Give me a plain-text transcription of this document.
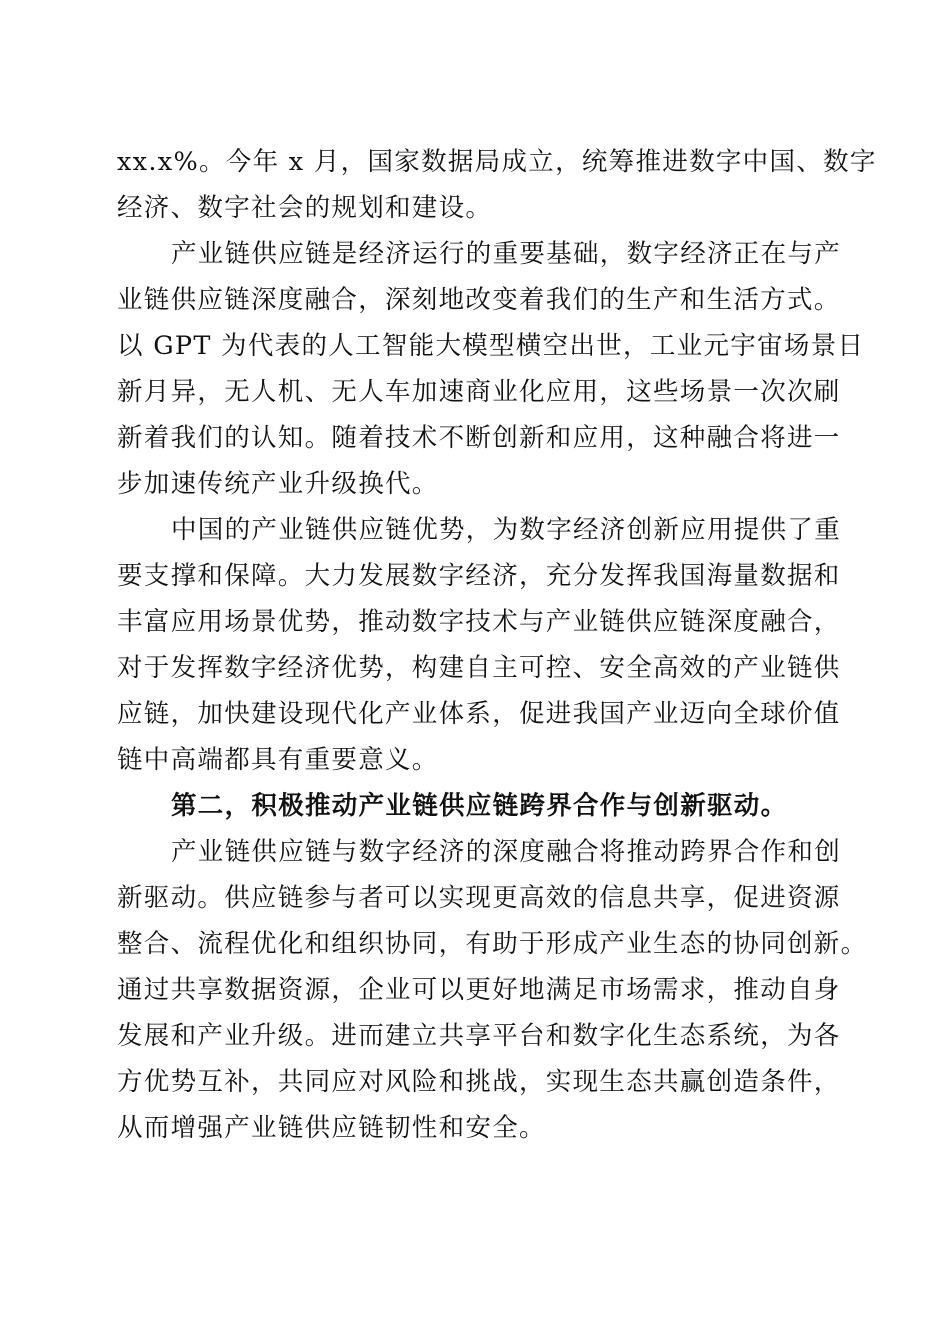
xx.x%。今年 x 月，国家数据局成立，统筹推进数字中国、数字
经济、数字社会的规划和建设。
产业链供应链是经济运行的重要基础，数字经济正在与产
业链供应链深度融合，深刻地改变着我们的生产和生活方式。
以 GPT 为代表的人工智能大模型横空出世，工业元宇宙场景日
新月异，无人机、无人车加速商业化应用，这些场景一次次刷
新着我们的认知。随着技术不断创新和应用，这种融合将进一
步加速传统产业升级换代。
中国的产业链供应链优势，为数字经济创新应用提供了重
要支撑和保障。大力发展数字经济，充分发挥我国海量数据和
丰富应用场景优势，推动数字技术与产业链供应链深度融合，
对于发挥数字经济优势，构建自主可控、安全高效的产业链供
应链，加快建设现代化产业体系，促进我国产业迈向全球价值
链中高端都具有重要意义。
第二，积极推动产业链供应链跨界合作与创新驱动。
产业链供应链与数字经济的深度融合将推动跨界合作和创
新驱动。供应链参与者可以实现更高效的信息共享，促进资源
整合、流程优化和组织协同，有助于形成产业生态的协同创新。
通过共享数据资源，企业可以更好地满足市场需求，推动自身
发展和产业升级。进而建立共享平台和数字化生态系统，为各
方优势互补，共同应对风险和挑战，实现生态共赢创造条件，
从而增强产业链供应链韧性和安全。
